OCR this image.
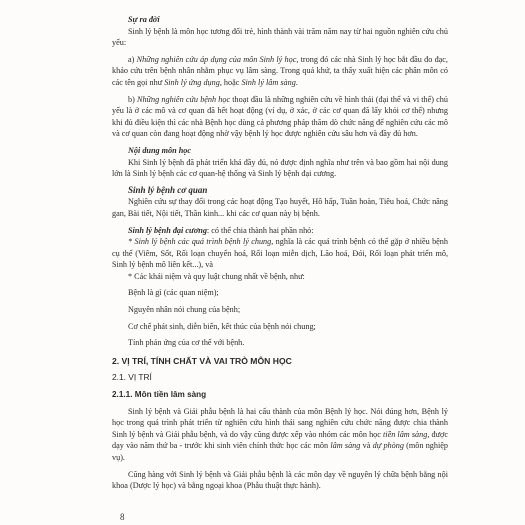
Sự ra đời

Sinh lý bệnh là môn học tương đối trẻ, hình thành vài trăm năm nay từ hai nguồn nghiên cứu chủ yếu:

a) Những nghiên cứu áp dụng của môn Sinh lý học, trong đó các nhà Sinh lý học bắt đầu đo đạc, khảo cứu trên bệnh nhân nhằm phục vụ lâm sàng. Trong quá khứ, ta thấy xuất hiện các phân môn có các tên gọi như Sinh lý ứng dụng, hoặc Sinh lý lâm sàng.

b) Những nghiên cứu bệnh học thoạt đầu là những nghiên cứu về hình thái (đại thể và vi thể) chủ yếu là ở các mô và cơ quan đã hết hoạt động (ví dụ, ở xác, ở các cơ quan đã lấy khỏi cơ thể) nhưng khi đủ điều kiện thì các nhà Bệnh học dùng cả phương pháp thăm dò chức năng để nghiên cứu các mô và cơ quan còn đang hoạt động nhờ vậy bệnh lý học được nghiên cứu sâu hơn và đầy đủ hơn.

Nội dung môn học

Khi Sinh lý bệnh đã phát triển khá đầy đủ, nó được định nghĩa như trên và bao gồm hai nội dung lớn là Sinh lý bệnh các cơ quan-hệ thống và Sinh lý bệnh đại cương.

Sinh lý bệnh cơ quan

Nghiên cứu sự thay đổi trong các hoạt động Tạo huyết, Hô hấp, Tuần hoàn, Tiêu hoá, Chức năng gan, Bài tiết, Nội tiết, Thần kinh... khi các cơ quan này bị bệnh.

Sinh lý bệnh đại cương: có thể chia thành hai phần nhỏ:

* Sinh lý bệnh các quá trình bệnh lý chung, nghĩa là các quá trình bệnh có thể gặp ở nhiều bệnh cụ thể (Viêm, Sốt, Rối loạn chuyển hoá, Rối loạn miễn dịch, Lão hoá, Đói, Rối loạn phát triển mô, Sinh lý bệnh mô liên kết...), và

* Các khái niệm và quy luật chung nhất về bệnh, như:

Bệnh là gì (các quan niệm);

Nguyên nhân nói chung của bệnh;

Cơ chế phát sinh, diễn biến, kết thúc của bệnh nói chung;

Tính phản ứng của cơ thể với bệnh.

2. VỊ TRÍ, TÍNH CHẤT VÀ VAI TRÒ MÔN HỌC

2.1. VỊ TRÍ

2.1.1. Môn tiền lâm sàng

Sinh lý bệnh và Giải phẫu bệnh là hai cấu thành của môn Bệnh lý học. Nói đúng hơn, Bệnh lý học trong quá trình phát triển từ nghiên cứu hình thái sang nghiên cứu chức năng được chia thành Sinh lý bệnh và Giải phẫu bệnh, và do vậy cũng được xếp vào nhóm các môn học tiền lâm sàng, được dạy vào năm thứ ba - trước khi sinh viên chính thức học các môn lâm sàng và dự phòng (môn nghiệp vụ).

Cũng hàng với Sinh lý bệnh và Giải phẫu bệnh là các môn dạy về nguyên lý chữa bệnh bằng nội khoa (Dược lý học) và bằng ngoại khoa (Phẫu thuật thực hành).

8
